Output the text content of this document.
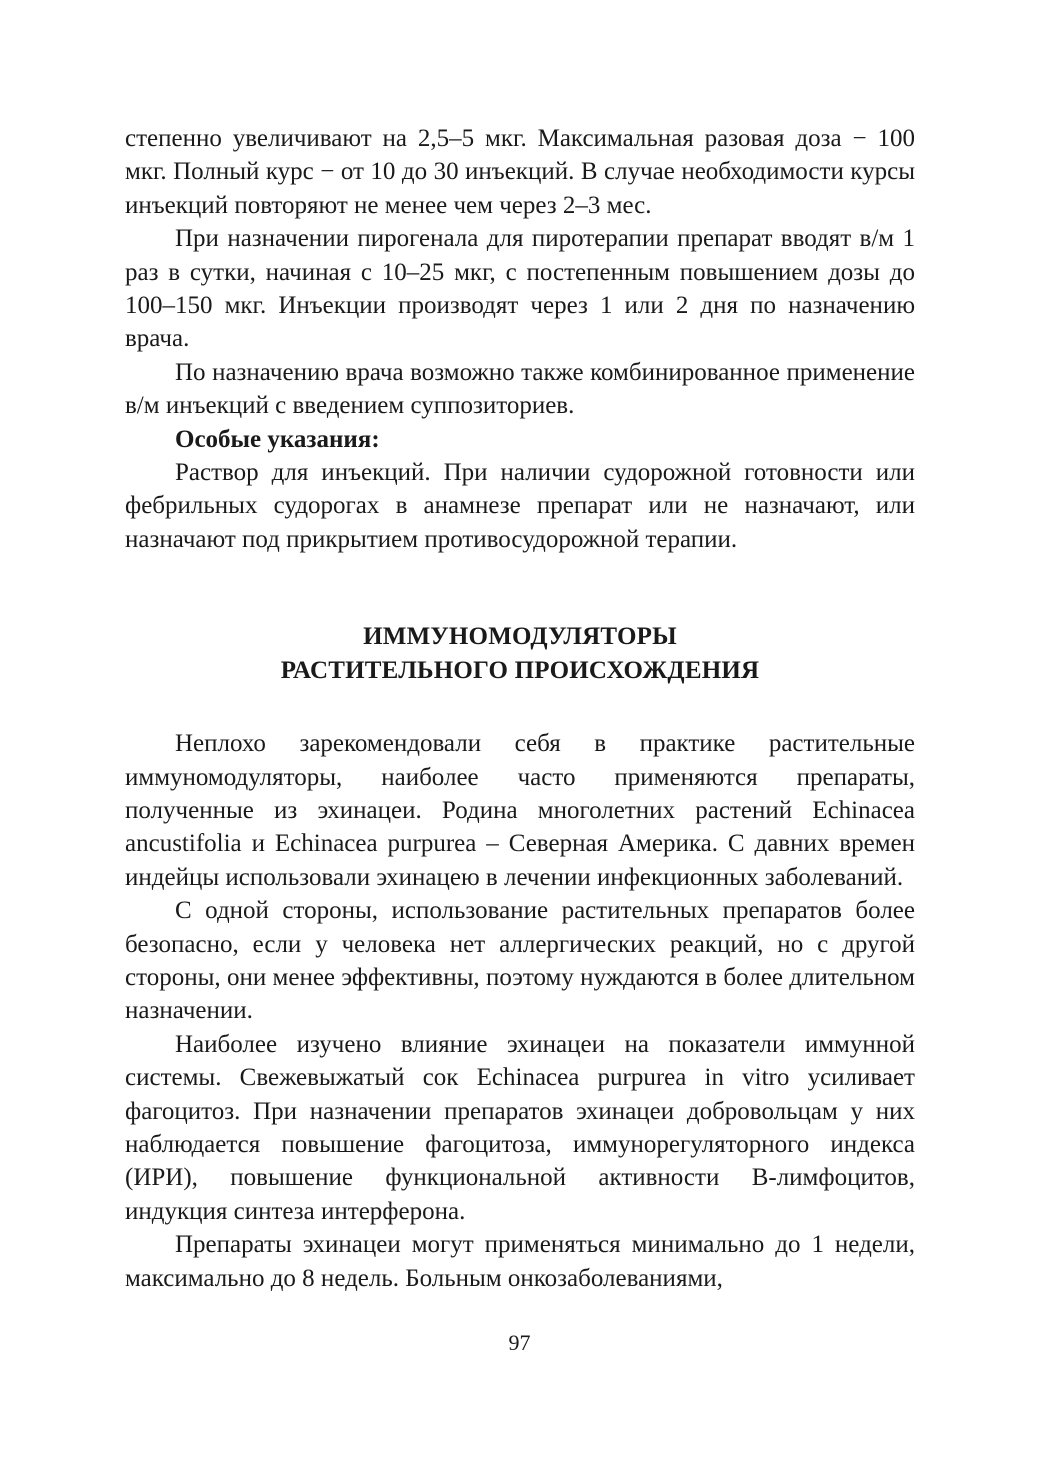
степенно увеличивают на 2,5–5 мкг. Максимальная разовая доза − 100 мкг. Полный курс − от 10 до 30 инъекций. В случае необходимости курсы инъекций повторяют не менее чем через 2–3 мес.

При назначении пирогенала для пиротерапии препарат вводят в/м 1 раз в сутки, начиная с 10–25 мкг, с постепенным повышением дозы до 100–150 мкг. Инъекции производят через 1 или 2 дня по назначению врача.

По назначению врача возможно также комбинированное применение в/м инъекций с введением суппозиториев.

Особые указания:

Раствор для инъекций. При наличии судорожной готовности или фебрильных судорогах в анамнезе препарат или не назначают, или назначают под прикрытием противосудорожной терапии.

ИММУНОМОДУЛЯТОРЫ
РАСТИТЕЛЬНОГО ПРОИСХОЖДЕНИЯ

Неплохо зарекомендовали себя в практике растительные иммуномодуляторы, наиболее часто применяются препараты, полученные из эхинацеи. Родина многолетних растений Echinacea ancustifolia и Echinacea purpurea – Северная Америка. С давних времен индейцы использовали эхинацею в лечении инфекционных заболеваний.

С одной стороны, использование растительных препаратов более безопасно, если у человека нет аллергических реакций, но с другой стороны, они менее эффективны, поэтому нуждаются в более длительном назначении.

Наиболее изучено влияние эхинацеи на показатели иммунной системы. Свежевыжатый сок Echinacea purpurea in vitro усиливает фагоцитоз. При назначении препаратов эхинацеи добровольцам у них наблюдается повышение фагоцитоза, иммунорегуляторного индекса (ИРИ), повышение функциональной активности В-лимфоцитов, индукция синтеза интерферона.

Препараты эхинацеи могут применяться минимально до 1 недели, максимально до 8 недель. Больным онкозаболеваниями,

97
